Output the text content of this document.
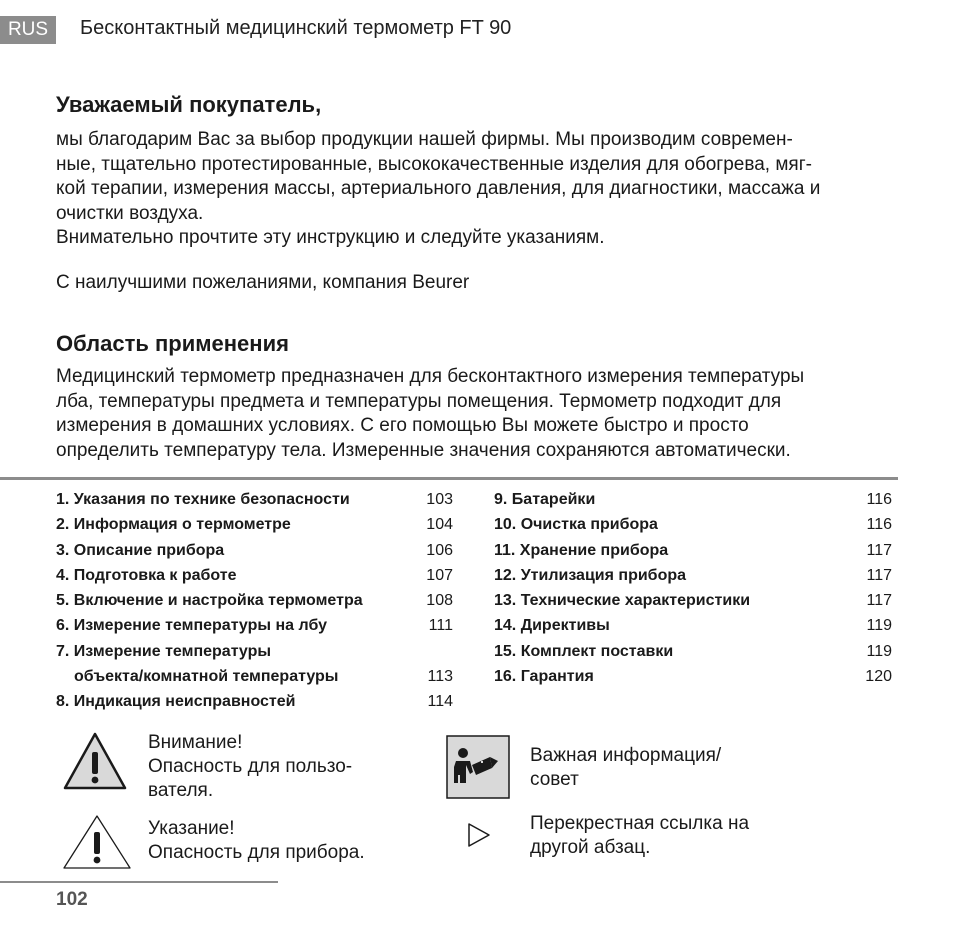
RUS	Бесконтактный медицинский термометр FT 90
Уважаемый покупатель,
мы благодарим Вас за выбор продукции нашей фирмы. Мы производим современ-
ные, тщательно протестированные, высококачественные изделия для обогрева, мяг-
кой терапии, измерения массы, артериального давления, для диагностики, массажа и
очистки воздуха.
Внимательно прочтите эту инструкцию и следуйте указаниям.
С наилучшими пожеланиями, компания Beurer
Область применения
Медицинский термометр предназначен для бесконтактного измерения температуры
лба, температуры предмета и температуры помещения. Термометр подходит для
измерения в домашних условиях. С его помощью Вы можете быстро и просто
определить температуру тела. Измеренные значения сохраняются автоматически.
1. Указания по технике безопасности	103
2. Информация о термометре	104
3. Описание прибора	106
4. Подготовка к работе	107
5. Включение и настройка термометра	108
6. Измерение температуры на лбу	111
7. Измерение температуры
объекта/комнатной температуры	113
8. Индикация неисправностей	114
9. Батарейки	116
10. Очистка прибора	116
11. Хранение прибора	117
12. Утилизация прибора	117
13. Технические характеристики	117
14. Директивы	119
15. Комплект поставки	119
16. Гарантия	120
Внимание!
Опасность для пользо-
вателя.
Указание!
Опасность для прибора.
Важная информация/
совет
Перекрестная ссылка на
другой абзац.
102
